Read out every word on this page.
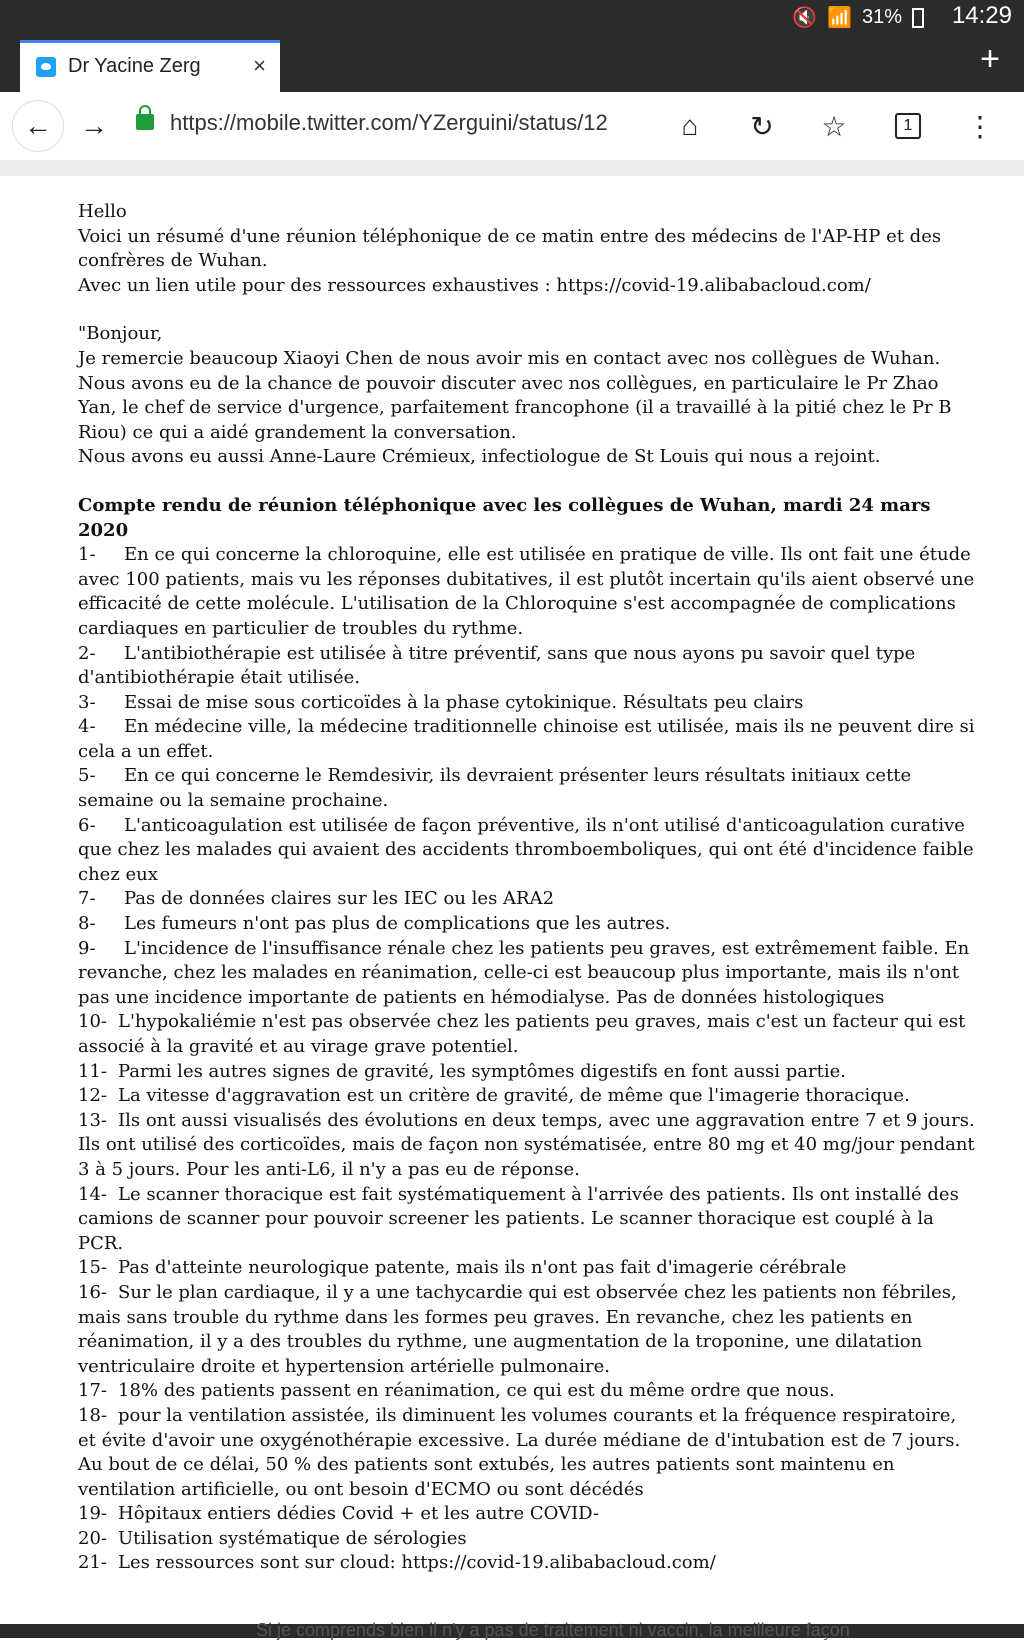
🔇 📶 31% 14:29
Dr Yacine Zerg	×	+
← →	https://mobile.twitter.com/YZerguini/status/12	⌂ ↻ ☆	1	⋮

Hello

Voici un résumé d'une réunion téléphonique de ce matin entre des médecins de l'AP-HP et des confrères de Wuhan.

Avec un lien utile pour des ressources exhaustives : https://covid-19.alibabacloud.com/

"Bonjour,

Je remercie beaucoup Xiaoyi Chen de nous avoir mis en contact avec nos collègues de Wuhan.

Nous avons eu de la chance de pouvoir discuter avec nos collègues, en particulaire le Pr Zhao Yan, le chef de service d'urgence, parfaitement francophone (il a travaillé à la pitié chez le Pr B Riou) ce qui a aidé grandement la conversation.

Nous avons eu aussi Anne-Laure Crémieux, infectiologue de St Louis qui nous a rejoint.

Compte rendu de réunion téléphonique avec les collègues de Wuhan, mardi 24 mars 2020

1- En ce qui concerne la chloroquine, elle est utilisée en pratique de ville. Ils ont fait une étude avec 100 patients, mais vu les réponses dubitatives, il est plutôt incertain qu'ils aient observé une efficacité de cette molécule. L'utilisation de la Chloroquine s'est accompagnée de complications cardiaques en particulier de troubles du rythme.

2- L'antibiothérapie est utilisée à titre préventif, sans que nous ayons pu savoir quel type d'antibiothérapie était utilisée.

3- Essai de mise sous corticoïdes à la phase cytokinique. Résultats peu clairs

4- En médecine ville, la médecine traditionnelle chinoise est utilisée, mais ils ne peuvent dire si cela a un effet.

5- En ce qui concerne le Remdesivir, ils devraient présenter leurs résultats initiaux cette semaine ou la semaine prochaine.

6- L'anticoagulation est utilisée de façon préventive, ils n'ont utilisé d'anticoagulation curative que chez les malades qui avaient des accidents thromboemboliques, qui ont été d'incidence faible chez eux

7- Pas de données claires sur les IEC ou les ARA2

8- Les fumeurs n'ont pas plus de complications que les autres.

9- L'incidence de l'insuffisance rénale chez les patients peu graves, est extrêmement faible. En revanche, chez les malades en réanimation, celle-ci est beaucoup plus importante, mais ils n'ont pas une incidence importante de patients en hémodialyse. Pas de données histologiques

10- L'hypokaliémie n'est pas observée chez les patients peu graves, mais c'est un facteur qui est associé à la gravité et au virage grave potentiel.

11- Parmi les autres signes de gravité, les symptômes digestifs en font aussi partie.

12- La vitesse d'aggravation est un critère de gravité, de même que l'imagerie thoracique.

13- Ils ont aussi visualisés des évolutions en deux temps, avec une aggravation entre 7 et 9 jours. Ils ont utilisé des corticoïdes, mais de façon non systématisée, entre 80 mg et 40 mg/jour pendant 3 à 5 jours. Pour les anti-L6, il n'y a pas eu de réponse.

14- Le scanner thoracique est fait systématiquement à l'arrivée des patients. Ils ont installé des camions de scanner pour pouvoir screener les patients. Le scanner thoracique est couplé à la PCR.

15- Pas d'atteinte neurologique patente, mais ils n'ont pas fait d'imagerie cérébrale

16- Sur le plan cardiaque, il y a une tachycardie qui est observée chez les patients non fébriles, mais sans trouble du rythme dans les formes peu graves. En revanche, chez les patients en réanimation, il y a des troubles du rythme, une augmentation de la troponine, une dilatation ventriculaire droite et hypertension artérielle pulmonaire.

17- 18% des patients passent en réanimation, ce qui est du même ordre que nous.

18- pour la ventilation assistée, ils diminuent les volumes courants et la fréquence respiratoire, et évite d'avoir une oxygénothérapie excessive. La durée médiane de d'intubation est de 7 jours. Au bout de ce délai, 50 % des patients sont extubés, les autres patients sont maintenu en ventilation artificielle, ou ont besoin d'ECMO ou sont décédés

19- Hôpitaux entiers dédies Covid + et les autre COVID-

20- Utilisation systématique de sérologies

21- Les ressources sont sur cloud: https://covid-19.alibabacloud.com/

Si je comprends bien il n'y a pas de traitement ni vaccin, la meilleure façon
